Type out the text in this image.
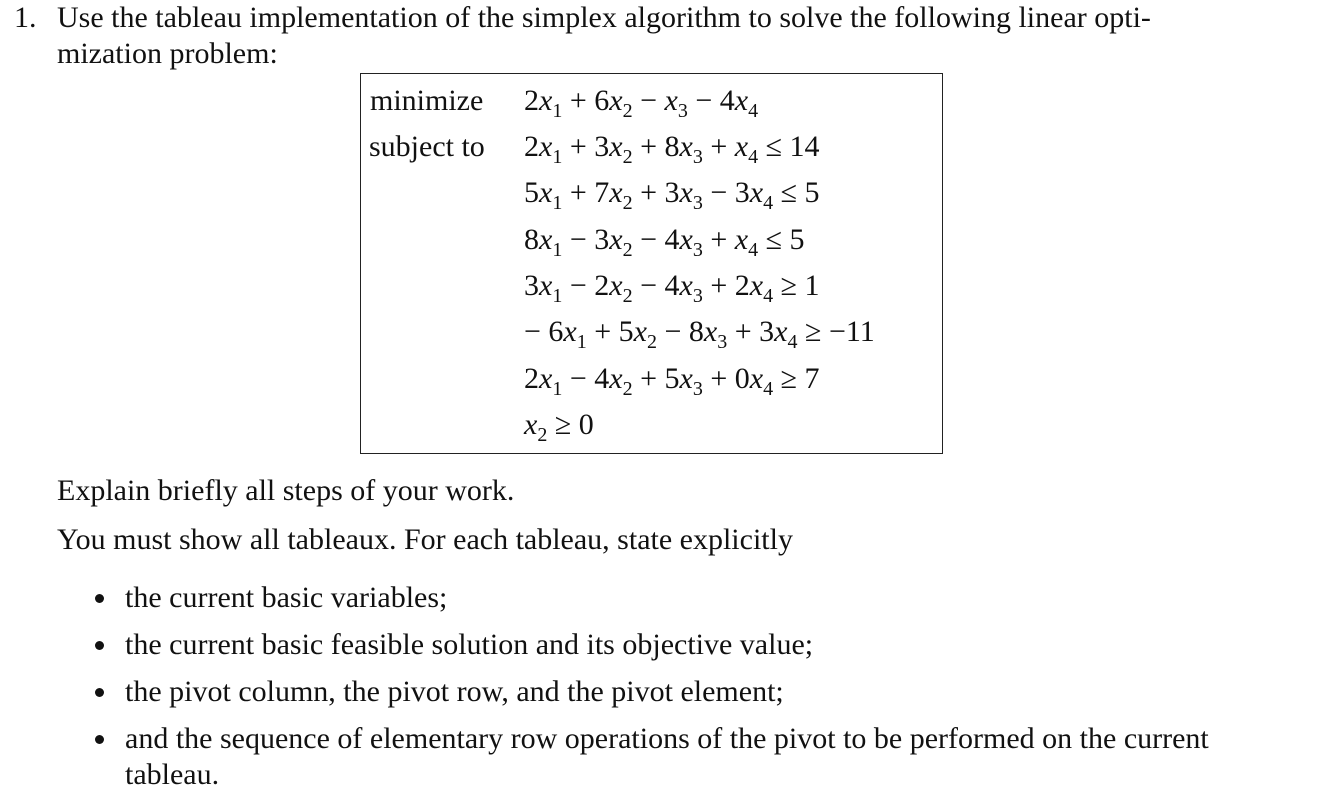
1. Use the tableau implementation of the simplex algorithm to solve the following linear opti-
mization problem:
minimize $2x_1 + 6x_2 - x_3 - 4x_4$
subject to $2x_1 + 3x_2 + 8x_3 + x_4 \le 14$
$5x_1 + 7x_2 + 3x_3 - 3x_4 \le 5$
$8x_1 - 3x_2 - 4x_3 + x_4 \le 5$
$3x_1 - 2x_2 - 4x_3 + 2x_4 \ge 1$
− $6x_1 + 5x_2 - 8x_3 + 3x_4 \ge -11$
$2x_1 - 4x_2 + 5x_3 + 0x_4 \ge 7$
$x_2 \ge 0$
Explain briefly all steps of your work.
You must show all tableaux. For each tableau, state explicitly
the current basic variables;
the current basic feasible solution and its objective value;
the pivot column, the pivot row, and the pivot element;
and the sequence of elementary row operations of the pivot to be performed on the current tableau.
